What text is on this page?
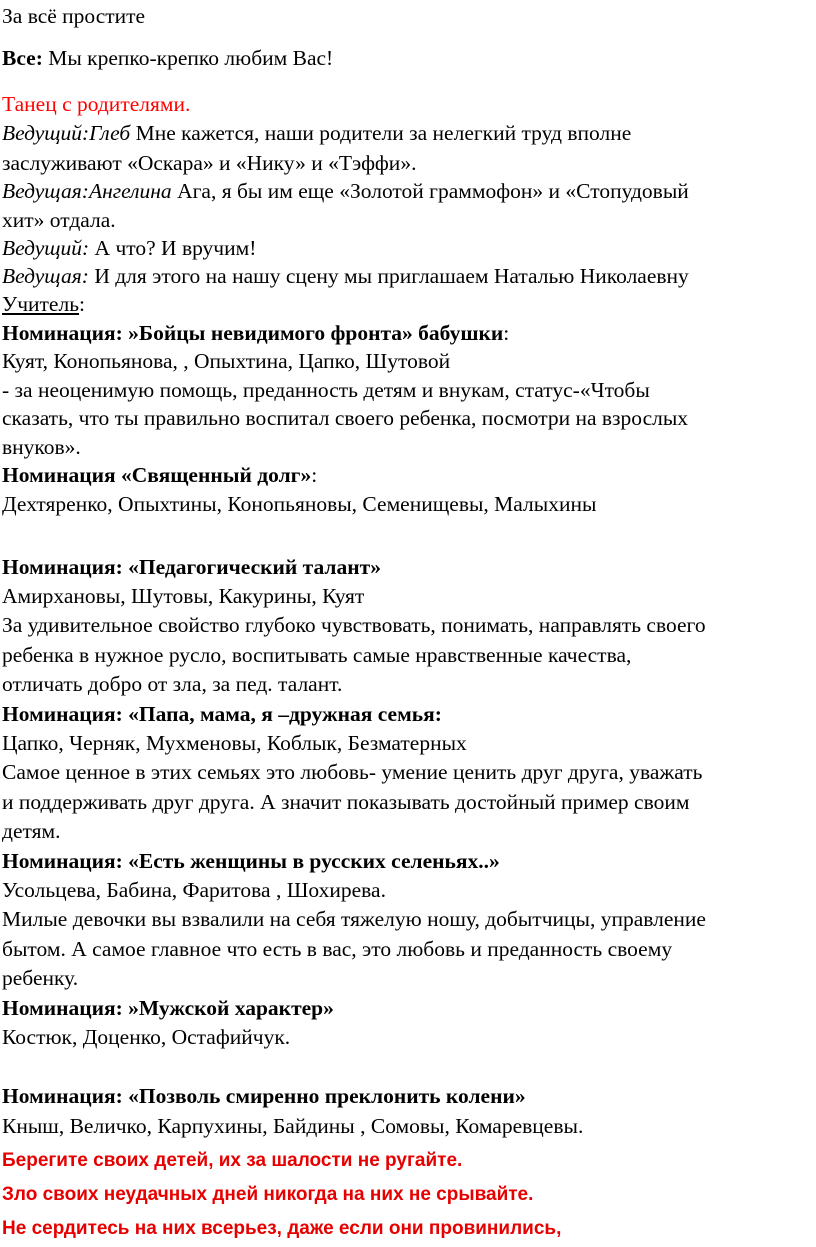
За всё простите
Все: Мы крепко-крепко любим Вас!
Танец с родителями.
Ведущий:Глеб Мне кажется, наши родители за нелегкий труд вполне
заслуживают «Оскара» и «Нику» и «Тэффи».
Ведущая:Ангелина Ага, я бы им еще «Золотой граммофон» и «Стопудовый
хит» отдала.
Ведущий: А что? И вручим!
Ведущая: И для этого на нашу сцену мы приглашаем Наталью Николаевну
Учитель:
Номинация: »Бойцы невидимого фронта» бабушки:
Куят, Конопьянова, , Опыхтина, Цапко, Шутовой
- за неоценимую помощь, преданность детям и внукам, статус-«Чтобы
сказать, что ты правильно воспитал своего ребенка, посмотри на взрослых
внуков».
Номинация «Священный долг»:
Дехтяренко, Опыхтины, Конопьяновы, Семенищевы, Малыхины
Номинация: «Педагогический талант»
Амирхановы, Шутовы, Какурины, Куят
За удивительное свойство глубоко чувствовать, понимать, направлять своего
ребенка в нужное русло, воспитывать самые нравственные качества,
отличать добро от зла, за пед. талант.
Номинация: «Папа, мама, я –дружная семья:
Цапко, Черняк, Мухменовы, Коблык, Безматерных
Самое ценное в этих семьях это любовь- умение ценить друг друга, уважать
и поддерживать друг друга. А значит показывать достойный пример своим
детям.
Номинация: «Есть женщины в русских селеньях..»
Усольцева, Бабина, Фаритова , Шохирева.
Милые девочки вы взвалили на себя тяжелую ношу, добытчицы, управление
бытом. А самое главное что есть в вас, это любовь и преданность своему
ребенку.
Номинация: »Мужской характер»
Костюк, Доценко, Остафийчук.
Номинация: «Позволь смиренно преклонить колени»
Кныш, Величко, Карпухины, Байдины , Сомовы, Комаревцевы.
Берегите своих детей, их за шалости не ругайте.
Зло своих неудачных дней никогда на них не срывайте.
Не сердитесь на них всерьез, даже если они провинились,
